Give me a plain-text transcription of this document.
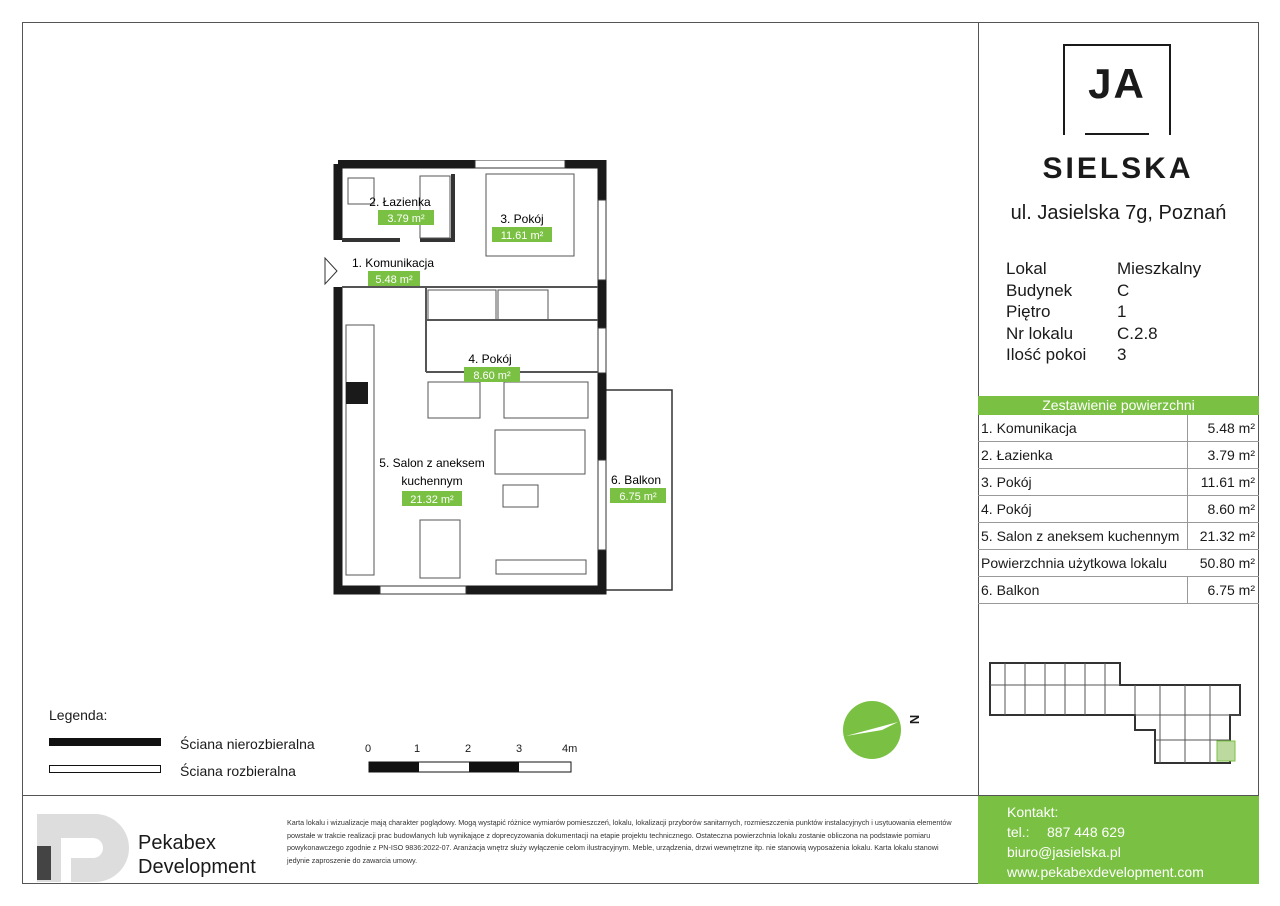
JA
SIELSKA
ul. Jasielska 7g, Poznań
Lokal	Mieszkalny
Budynek	C
Piętro	1
Nr lokalu	C.2.8
Ilość pokoi	3
Zestawienie powierzchni
1. Komunikacja	5.48 m²
2. Łazienka	3.79 m²
3. Pokój	11.61 m²
4. Pokój	8.60 m²
5. Salon z aneksem kuchennym	21.32 m²
Powierzchnia użytkowa lokalu	50.80 m²
6. Balkon	6.75 m²
2. Łazienka
3.79 m²	3. Pokój
11.61 m²
1. Komunikacja
5.48 m²
4. Pokój
8.60 m²
5. Salon z aneksem
kuchennym
21.32 m²
6. Balkon
6.75 m²
Legenda:
Ściana nierozbieralna
Ściana rozbieralna
0	1	2	3	4m
N
Pekabex
Development
Karta lokalu i wizualizacje mają charakter poglądowy. Mogą wystąpić różnice wymiarów pomieszczeń, lokalu, lokalizacji przyborów sanitarnych, rozmieszczenia punktów instalacyjnych i usytuowania elementów powstałe w trakcie realizacji prac budowlanych lub wynikające z doprecyzowania dokumentacji na etapie projektu technicznego. Ostateczna powierzchnia lokalu zostanie obliczona na podstawie pomiaru powykonawczego zgodnie z PN-ISO 9836:2022-07. Aranżacja wnętrz służy wyłączenie celom ilustracyjnym. Meble, urządzenia, drzwi wewnętrzne itp. nie stanowią wyposażenia lokalu. Karta lokalu stanowi jedynie zaproszenie do zawarcia umowy.
Kontakt:
tel.:	887 448 629
biuro@jasielska.pl
www.pekabexdevelopment.com
